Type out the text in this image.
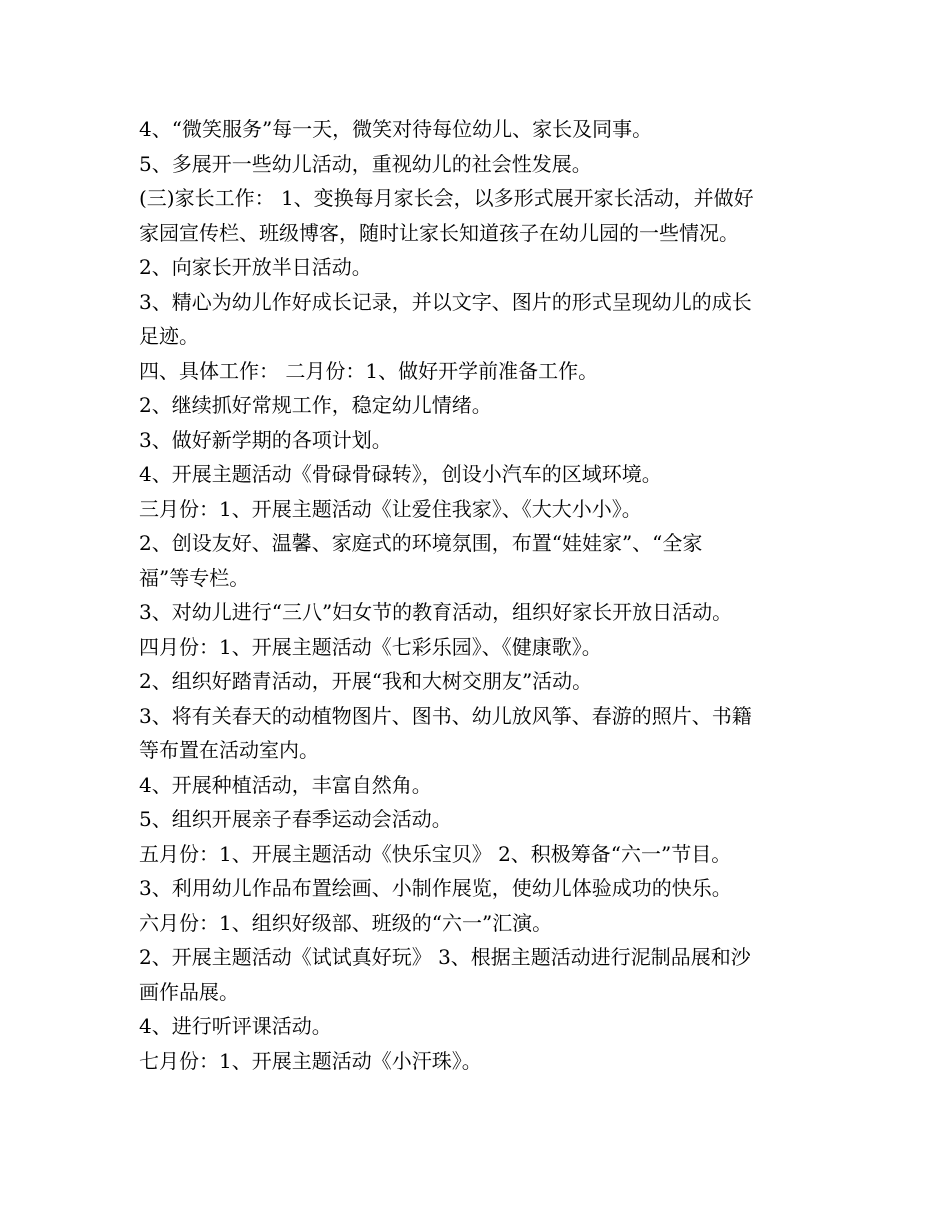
4、“微笑服务”每一天，微笑对待每位幼儿、家长及同事。
5、多展开一些幼儿活动，重视幼儿的社会性发展。
(三)家长工作： 1、变换每月家长会，以多形式展开家长活动，并做好
家园宣传栏、班级博客，随时让家长知道孩子在幼儿园的一些情况。
2、向家长开放半日活动。
3、精心为幼儿作好成长记录，并以文字、图片的形式呈现幼儿的成长
足迹。
四、具体工作： 二月份：1、做好开学前准备工作。
2、继续抓好常规工作，稳定幼儿情绪。
3、做好新学期的各项计划。
4、开展主题活动《骨碌骨碌转》，创设小汽车的区域环境。
三月份：1、开展主题活动《让爱住我家》、《大大小小》。
2、创设友好、温馨、家庭式的环境氛围，布置“娃娃家”、“全家
福”等专栏。
3、对幼儿进行“三八”妇女节的教育活动，组织好家长开放日活动。
四月份：1、开展主题活动《七彩乐园》、《健康歌》。
2、组织好踏青活动，开展“我和大树交朋友”活动。
3、将有关春天的动植物图片、图书、幼儿放风筝、春游的照片、书籍
等布置在活动室内。
4、开展种植活动，丰富自然角。
5、组织开展亲子春季运动会活动。
五月份：1、开展主题活动《快乐宝贝》 2、积极筹备“六一”节目。
3、利用幼儿作品布置绘画、小制作展览，使幼儿体验成功的快乐。
六月份：1、组织好级部、班级的“六一”汇演。
2、开展主题活动《试试真好玩》 3、根据主题活动进行泥制品展和沙
画作品展。
4、进行听评课活动。
七月份：1、开展主题活动《小汗珠》。
